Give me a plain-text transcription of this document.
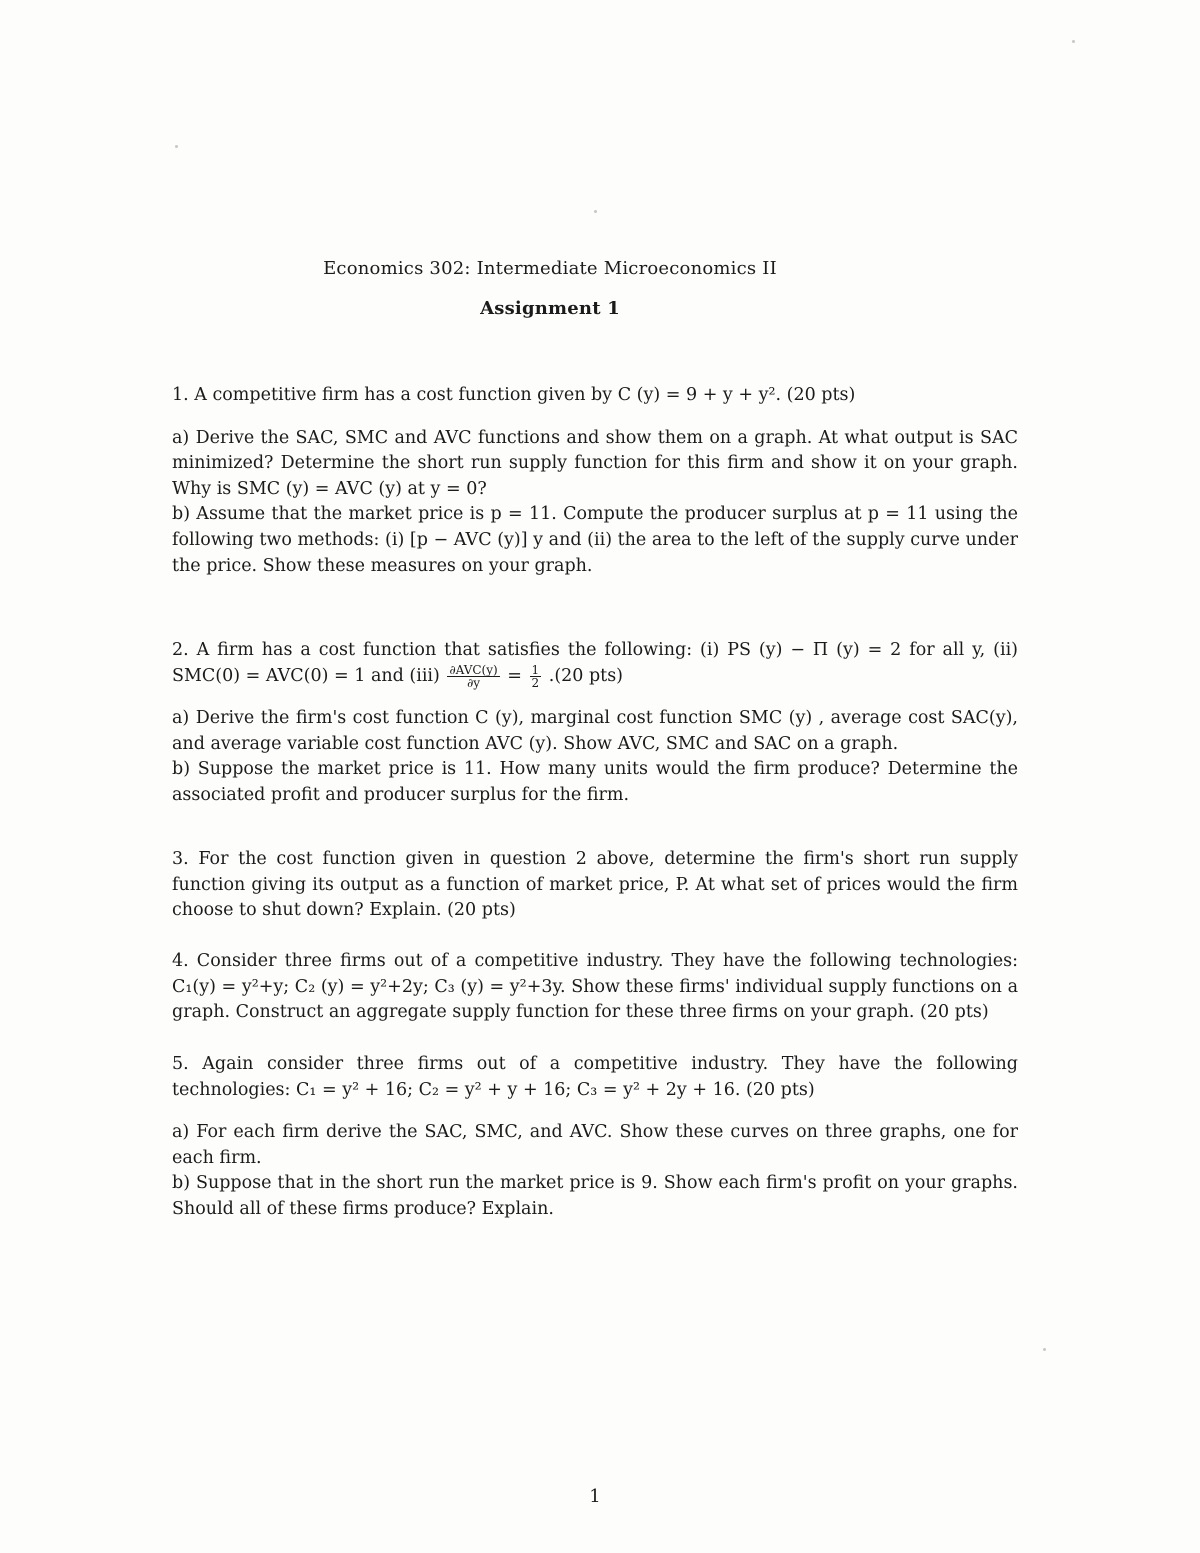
Economics 302: Intermediate Microeconomics II
Assignment 1

1. A competitive firm has a cost function given by C (y) = 9 + y + y². (20 pts)

a) Derive the SAC, SMC and AVC functions and show them on a graph. At what output is SAC minimized? Determine the short run supply function for this firm and show it on your graph. Why is SMC (y) = AVC (y) at y = 0?

b) Assume that the market price is p = 11. Compute the producer surplus at p = 11 using the following two methods: (i) [p − AVC (y)] y and (ii) the area to the left of the supply curve under the price. Show these measures on your graph.

2. A firm has a cost function that satisfies the following: (i) PS (y) − Π (y) = 2 for all y, (ii) SMC(0) = AVC(0) = 1 and $(iii) \frac{\text{∂AVC(y)}}{\partial y} = \frac{1}{2} .(20$ pts)

a) Derive the firm's cost function C (y), marginal cost function SMC (y) , average cost SAC(y), and average variable cost function AVC (y). Show AVC, SMC and SAC on a graph.

b) Suppose the market price is 11. How many units would the firm produce? Determine the associated profit and producer surplus for the firm.

3. For the cost function given in question 2 above, determine the firm's short run supply function giving its output as a function of market price, P. At what set of prices would the firm choose to shut down? Explain. (20 pts)

4. Consider three firms out of a competitive industry. They have the following technologies: C₁(y) = y²+y; C₂ (y) = y²+2y; C₃ (y) = y²+3y. Show these firms' individual supply functions on a graph. Construct an aggregate supply function for these three firms on your graph. (20 pts)

5. Again consider three firms out of a competitive industry. They have the following technologies: C₁ = y² + 16; C₂ = y² + y + 16; C₃ = y² + 2y + 16. (20 pts)

a) For each firm derive the SAC, SMC, and AVC. Show these curves on three graphs, one for each firm.

b) Suppose that in the short run the market price is 9. Show each firm's profit on your graphs. Should all of these firms produce? Explain.

1
